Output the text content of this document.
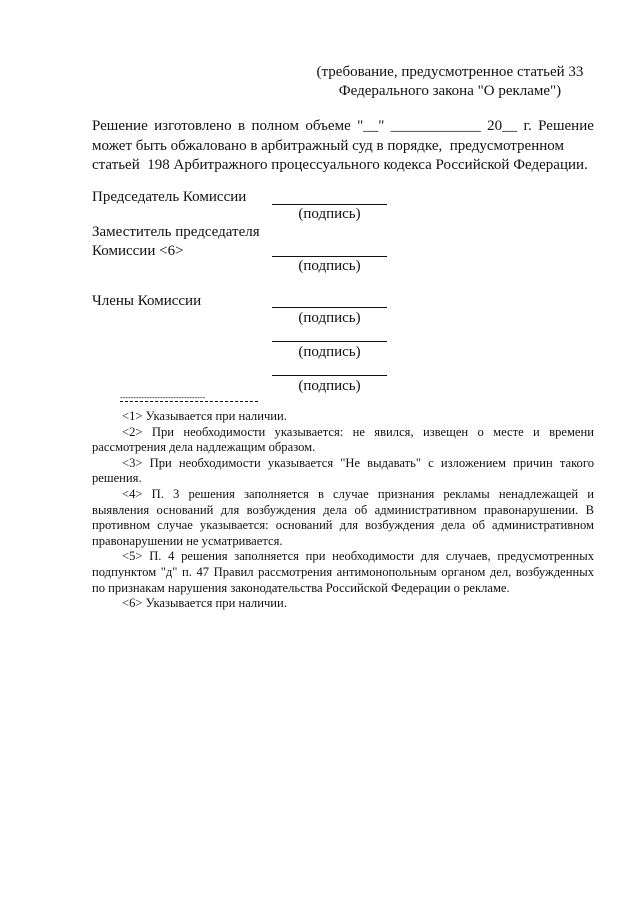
(требование, предусмотренное статьей 33
Федерального закона "О рекламе")
Решение изготовлено в полном объеме "__" ____________ 20__ г. Решение
может быть обжаловано в арбитражный суд в порядке,  предусмотренном
статьей  198 Арбитражного процессуального кодекса Российской Федерации.
Председатель Комиссии
(подпись)
Заместитель председателя
Комиссии <6>
(подпись)
Члены Комиссии
(подпись)
(подпись)
(подпись)
--------------------------------

<1> Указывается при наличии.

<2> При необходимости указывается: не явился, извещен о месте и времени рассмотрения дела надлежащим образом.

<3> При необходимости указывается "Не выдавать" с изложением причин такого решения.

<4> П. 3 решения заполняется в случае признания рекламы ненадлежащей и выявления оснований для возбуждения дела об административном правонарушении. В противном случае указывается: оснований для возбуждения дела об административном правонарушении не усматривается.

<5> П. 4 решения заполняется при необходимости для случаев, предусмотренных подпунктом "д" п. 47 Правил рассмотрения антимонопольным органом дел, возбужденных по признакам нарушения законодательства Российской Федерации о рекламе.

<6> Указывается при наличии.
